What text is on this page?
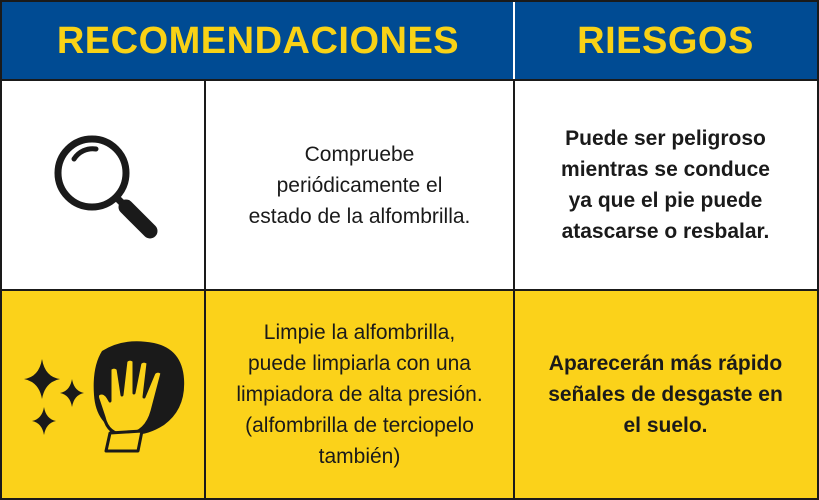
RECOMENDACIONES	RIESGOS
Compruebe periódicamente el estado de la alfombrilla.
Puede ser peligroso mientras se conduce ya que el pie puede atascarse o resbalar.
Limpie la alfombrilla, puede limpiarla con una limpiadora de alta presión. (alfombrilla de terciopelo también)
Aparecerán más rápido señales de desgaste en el suelo.
